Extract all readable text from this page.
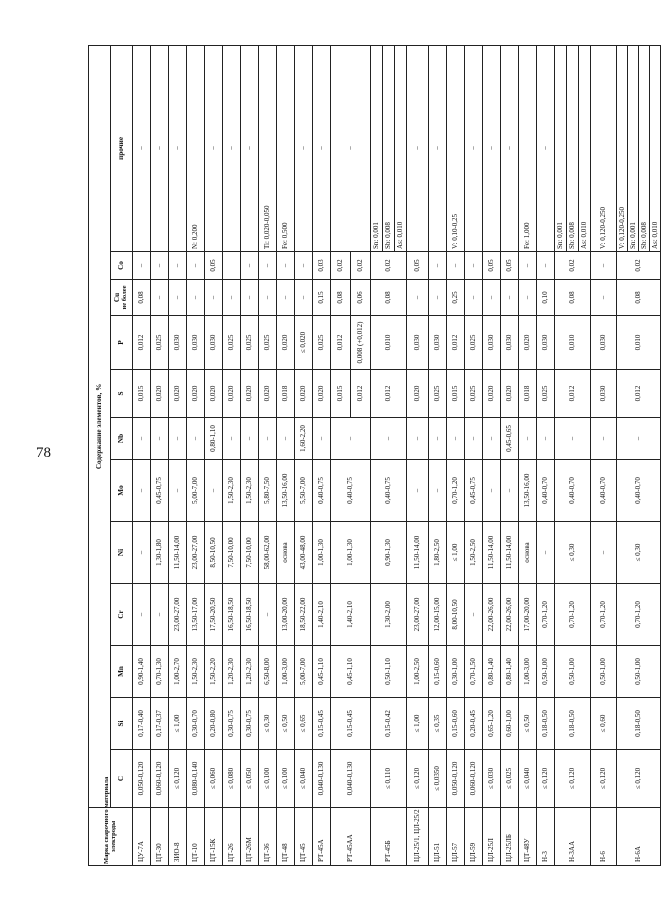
78
Марка сварочного материала электроды	Содержание элементов, %											

	C	Si	Mn	Cr	Ni	Mo	Nb	S	P	Cu не более	Co	прочие

ЦУ-7А	0,050-0,120	0,17-0,40	0,90-1,40	–	–	–	–	0,015	0,012	0,08	–	–
ЦТ-30	0,060-0,120	0,17-0,37	0,70-1,30	–	1,30-1,80	0,45-0,75	–	0,020	0,025	–	–	–
ЗИО-8	≤ 0,120	≤ 1,00	1,00-2,70	23,00-27,00	11,50-14,00	–	–	0,020	0,030	–	–	–
ЦТ-10	0,080-0,140	0,30-0,70	1,50-2,30	13,50-17,00	23,00-27,00	5,00-7,00	–	0,020	0,030	–	–	N: 0,200
ЦТ-15К	≤ 0,060	0,20-0,80	1,50-2,20	17,50-20,50	8,50-10,50	–	0,80-1,10	0,020	0,030	–	0,05	–
ЦТ-26	≤ 0,080	0,30-0,75	1,20-2,30	16,50-18,50	7,50-10,00	1,50-2,30	–	0,020	0,025	–		–
ЦТ-26М	≤ 0,050	0,30-0,75	1,20-2,30	16,50-18,50	7,50-10,00	1,50-2,30	–	0,020	0,025	–	–	–
ЦТ-36	≤ 0,100	≤ 0,30	6,50-8,00	–	58,00-62,00	5,80-7,50	–	0,020	0,025	–	–	Ti: 0,020-0,050
ЦТ-48	≤ 0,100	≤ 0,50	1,00-3,00	13,00-20,00	основа	13,50-16,00	–	0,018	0,020	–	–	Fe: 0,500
ЦТ-45	≤ 0,040	≤ 0,65	5,00-7,00	18,50-22,00	43,00-48,00	5,50-7,00	1,60-2,20	0,020	≤ 0,020	–	–	–
РТ-45А	0,040-0,130	0,15-0,45	0,45-1,10	1,40-2,10	1,00-1,30	0,40-0,75	–	0,020	0,025	0,15	0,03	–
РТ-45АА	0,040-0,130	0,15-0,45	0,45-1,10	1,40-2,10	1,00-1,30	0,40-0,75	–	0,015 0,012	0,012 0,008 (+0,012)	0,08 0,06	0,02 0,02	–
РТ-45Б	≤ 0,110	0,15-0,42	0,50-1,10	1,30-2,00	0,90-1,30	0,40-0,75	–	0,012	0,010	0,08	0,02	Sn: 0,001 Sb: 0,008 As: 0,010

ЦЛ-25/1, ЦЛ-25/2	≤ 0,120	≤ 1,00	1,00-2,50	23,00-27,00	11,50-14,00	–	–	0,020	0,030	–	0,05	–
ЦЛ-51	≤ 0,0350	≤ 0,35	0,15-0,60	12,00-15,00	1,80-2,50	–	–	0,025	0,030	–	–	–
ЦЛ-57	0,050-0,120	0,15-0,60	0,30-1,00	8,00-10,50	≤ 1,00	0,70-1,20	–	0,015	0,012	0,25	–	V: 0,10-0,25
ЦЛ-59	0,060-0,120	0,20-0,45	0,70-1,50	–	1,50-2,50	0,45-0,75	–	0,025	0,025	–	–	–
ЦЛ-25Л	≤ 0,030	0,65-1,20	0,80-1,40	22,00-26,00	11,50-14,00	–	–	0,020	0,030	–	0,05	–
ЦЛ-25ЛБ	≤ 0,025	0,60-1,00	0,80-1,40	22,00-26,00	11,50-14,00	–	0,45-0,65	0,020	0,030	–	0,05	–
ЦТ-48У	≤ 0,040	≤ 0,50	1,00-3,00	17,00-20,00	основа	13,50-16,00	–	0,018	0,020	–	–	Fe: 1,000
Н-3	≤ 0,120	0,18-0,50	0,50-1,00	0,70-1,20	–	0,40-0,70	–	0,025	0,030	0,10	–	–
Н-3АА	≤ 0,120	0,18-0,50	0,50-1,00	0,70-1,20	≤ 0,30	0,40-0,70	–	0,012	0,010	0,08	0,02	Sn: 0,001 Sb: 0,008 As: 0,010

Н-6	≤ 0,120	≤ 0,60	0,50-1,00	0,70-1,20	–	0,40-0,70	–	0,030	0,030	–	–	V: 0,120-0,250
Н-6А	≤ 0,120	0,18-0,50	0,50-1,00	0,70-1,20	≤ 0,30	0,40-0,70	–	0,012	0,010	0,08	0,02	V: 0,120-0,250 Sn: 0,001 Sb: 0,008 As: 0,010
